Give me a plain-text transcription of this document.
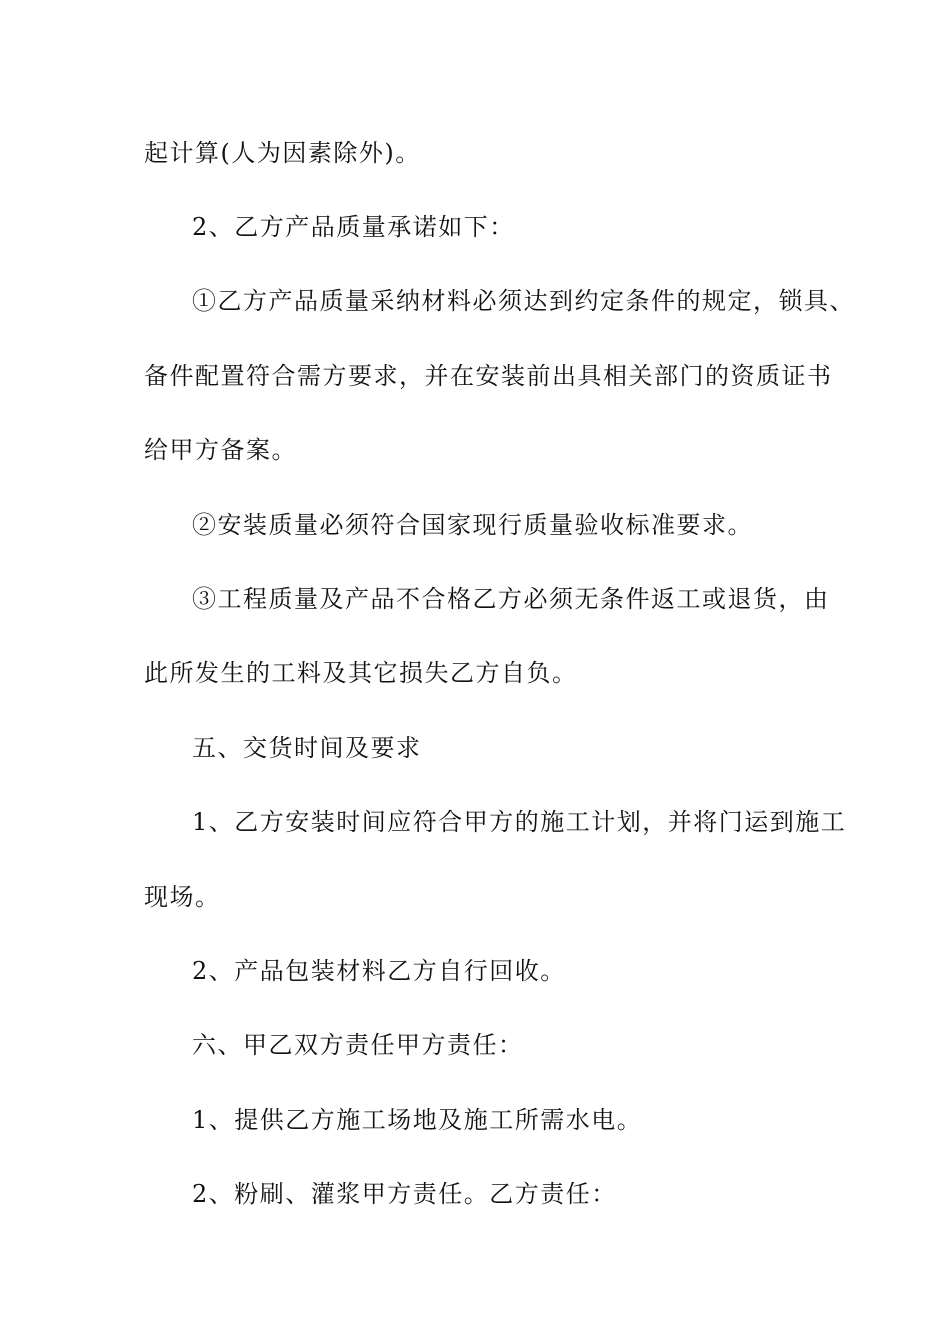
起计算(人为因素除外)。
2、乙方产品质量承诺如下：
①乙方产品质量采纳材料必须达到约定条件的规定，锁具、
备件配置符合需方要求，并在安装前出具相关部门的资质证书
给甲方备案。
②安装质量必须符合国家现行质量验收标准要求。
③工程质量及产品不合格乙方必须无条件返工或退货，由
此所发生的工料及其它损失乙方自负。
五、交货时间及要求
1、乙方安装时间应符合甲方的施工计划，并将门运到施工
现场。
2、产品包装材料乙方自行回收。
六、甲乙双方责任甲方责任：
1、提供乙方施工场地及施工所需水电。
2、粉刷、灌浆甲方责任。乙方责任：
